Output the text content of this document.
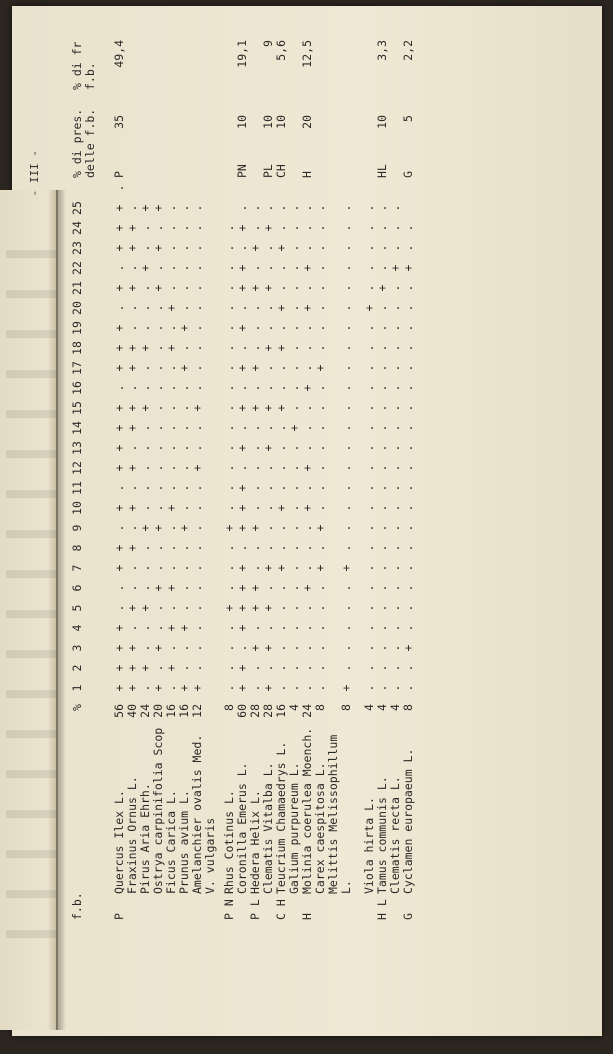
f.b.
%
1
2
3
4
5
6
7
8
9
10
11
12
13
14
15
16
17
18
19
20
21
22
23
24
25
% di pres.
% di fr
delle f.b.
f.b.
P
Quercus Ilex L.
56
+
+
+
+
.
.
+
+
.
+
.
+
+
+
+
.
+
+
+
.
+
.
+
+
+
.
P
35
49,4
Fraxinus Ornus L.
40
+
+
+
.
+
.
.
+
.
+
.
+
.
+
+
.
+
+
.
.
+
.
+
+
.
Pirus Aria Ehrh.
24
.
+
.
.
+
.
.
.
+
.
.
.
.
.
+
.
.
+
.
.
.
+
.
.
+
Ostrya carpinifolia Scop
20
+
.
+
.
.
+
.
.
+
.
.
.
.
.
.
.
.
.
.
.
+
.
+
.
+
Ficus Carica L.
16
.
+
.
+
.
+
.
.
.
+
.
.
.
.
.
.
.
+
.
+
.
.
.
.
.
Prunus avium L.
16
+
.
.
+
.
.
.
.
+
.
.
.
.
.
.
.
+
.
+
.
.
.
.
.
.
Amelanchier ovalis Med.
12
+
.
.
.
.
.
.
.
.
.
.
+
.
.
+
.
.
.
.
.
.
.
.
.
.
V. vulgaris
P N
Rhus Cotinus L.
8
.
.
.
.
+
.
.
.
+
.
.
.
.
.
.
.
.
.
.
.
.
.
.
.
Coronilla Emerus L.
60
+
+
.
+
+
+
+
.
+
+
+
.
+
.
+
.
+
.
+
.
+
+
.
+
.
PN
10
19,1
P L
Hedera Helix L.
28
.
.
+
.
+
+
.
.
+
.
.
.
.
.
+
.
+
.
.
.
+
.
+
.
.
Clematis Vitalba L.
28
+
.
+
.
+
.
+
.
.
.
.
.
+
.
+
.
.
+
.
.
+
.
.
+
.
PL
10
9
C H
Teucrium Chamaedrys L.
16
.
.
.
.
.
.
+
.
.
+
.
.
.
.
+
.
.
+
.
+
.
.
+
.
.
CH
10
5,6
Galium purpureum L.
4
.
.
.
.
.
.
.
.
.
.
.
.
.
+
.
.
.
.
.
.
.
.
.
.
.
H
Molinia coerulea Moench.
24
.
.
.
.
.
+
.
.
.
+
.
+
.
.
.
+
.
.
.
+
.
+
.
.
.
H
20
12,5
Carex caespitosa L.
8
.
.
.
.
.
.
+
.
+
.
.
.
.
.
.
.
+
.
.
.
.
.
.
.
.
Melittis Melissophillum L.
8
+
.
.
.
.
.
+
.
.
.
.
.
.
.
.
.
.
.
.
.
.
.
.
.
.
Viola hirta L.
4
.
.
.
.
.
.
.
.
.
.
.
.
.
.
.
.
.
.
.
+
.
.
.
.
.
H L
Tamus communis L.
4
.
.
.
.
.
.
.
.
.
.
.
.
.
.
.
.
.
.
.
.
+
.
.
.
.
HL
10
3,3
Clematis recta L.
4
.
.
.
.
.
.
.
.
.
.
.
.
.
.
.
.
.
.
.
.
.
+
.
.
.
G
Cyclamen europaeum L.
8
.
.
+
.
.
.
.
.
.
.
.
.
.
.
.
.
.
.
.
.
.
+
.
.
G
5
2,2
- III -
